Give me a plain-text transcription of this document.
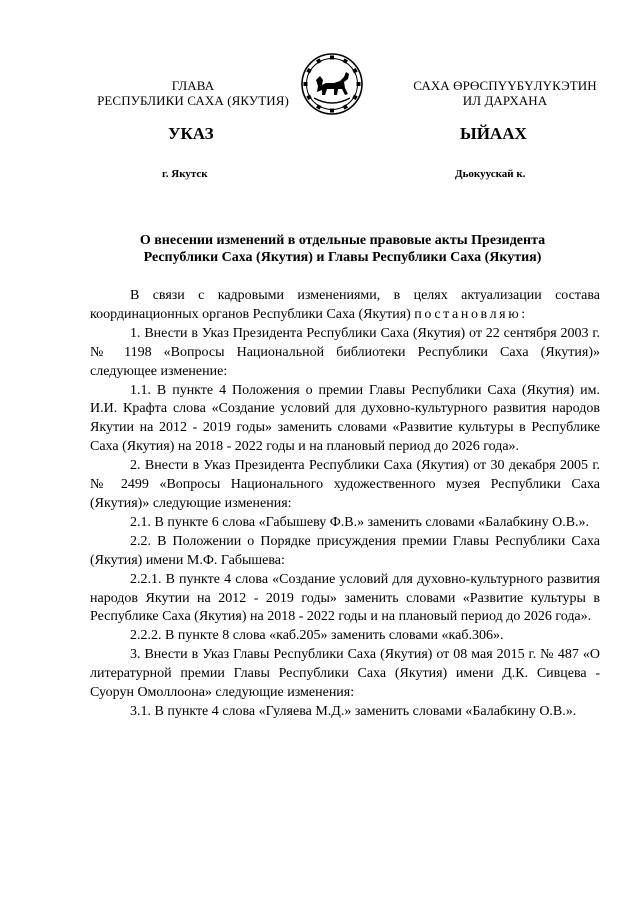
ГЛАВА
РЕСПУБЛИКИ САХА (ЯКУТИЯ)
САХА ӨРӨСПҮҮБҮЛҮКЭТИН
ИЛ ДАРХАНА
УКАЗ	ЫЙААХ
г. Якутск	Дьокуускай к.
О внесении изменений в отдельные правовые акты Президента
Республики Саха (Якутия) и Главы Республики Саха (Якутия)

В связи с кадровыми изменениями, в целях актуализации состава координационных органов Республики Саха (Якутия) постановляю:

1. Внести в Указ Президента Республики Саха (Якутия) от 22 сентября 2003 г. № 1198 «Вопросы Национальной библиотеки Республики Саха (Якутия)» следующее изменение:

1.1. В пункте 4 Положения о премии Главы Республики Саха (Якутия) им. И.И. Крафта слова «Создание условий для духовно-культурного развития народов Якутии на 2012 - 2019 годы» заменить словами «Развитие культуры в Республике Саха (Якутия) на 2018 - 2022 годы и на плановый период до 2026 года».

2. Внести в Указ Президента Республики Саха (Якутия) от 30 декабря 2005 г. № 2499 «Вопросы Национального художественного музея Республики Саха (Якутия)» следующие изменения:

2.1. В пункте 6 слова «Габышеву Ф.В.» заменить словами «Балабкину О.В.».

2.2. В Положении о Порядке присуждения премии Главы Республики Саха (Якутия) имени М.Ф. Габышева:

2.2.1. В пункте 4 слова «Создание условий для духовно-культурного развития народов Якутии на 2012 - 2019 годы» заменить словами «Развитие культуры в Республике Саха (Якутия) на 2018 - 2022 годы и на плановый период до 2026 года».

2.2.2. В пункте 8 слова «каб.205» заменить словами «каб.306».

3. Внести в Указ Главы Республики Саха (Якутия) от 08 мая 2015 г. № 487 «О литературной премии Главы Республики Саха (Якутия) имени Д.К. Сивцева - Суорун Омоллоона» следующие изменения:

3.1. В пункте 4 слова «Гуляева М.Д.» заменить словами «Балабкину О.В.».
